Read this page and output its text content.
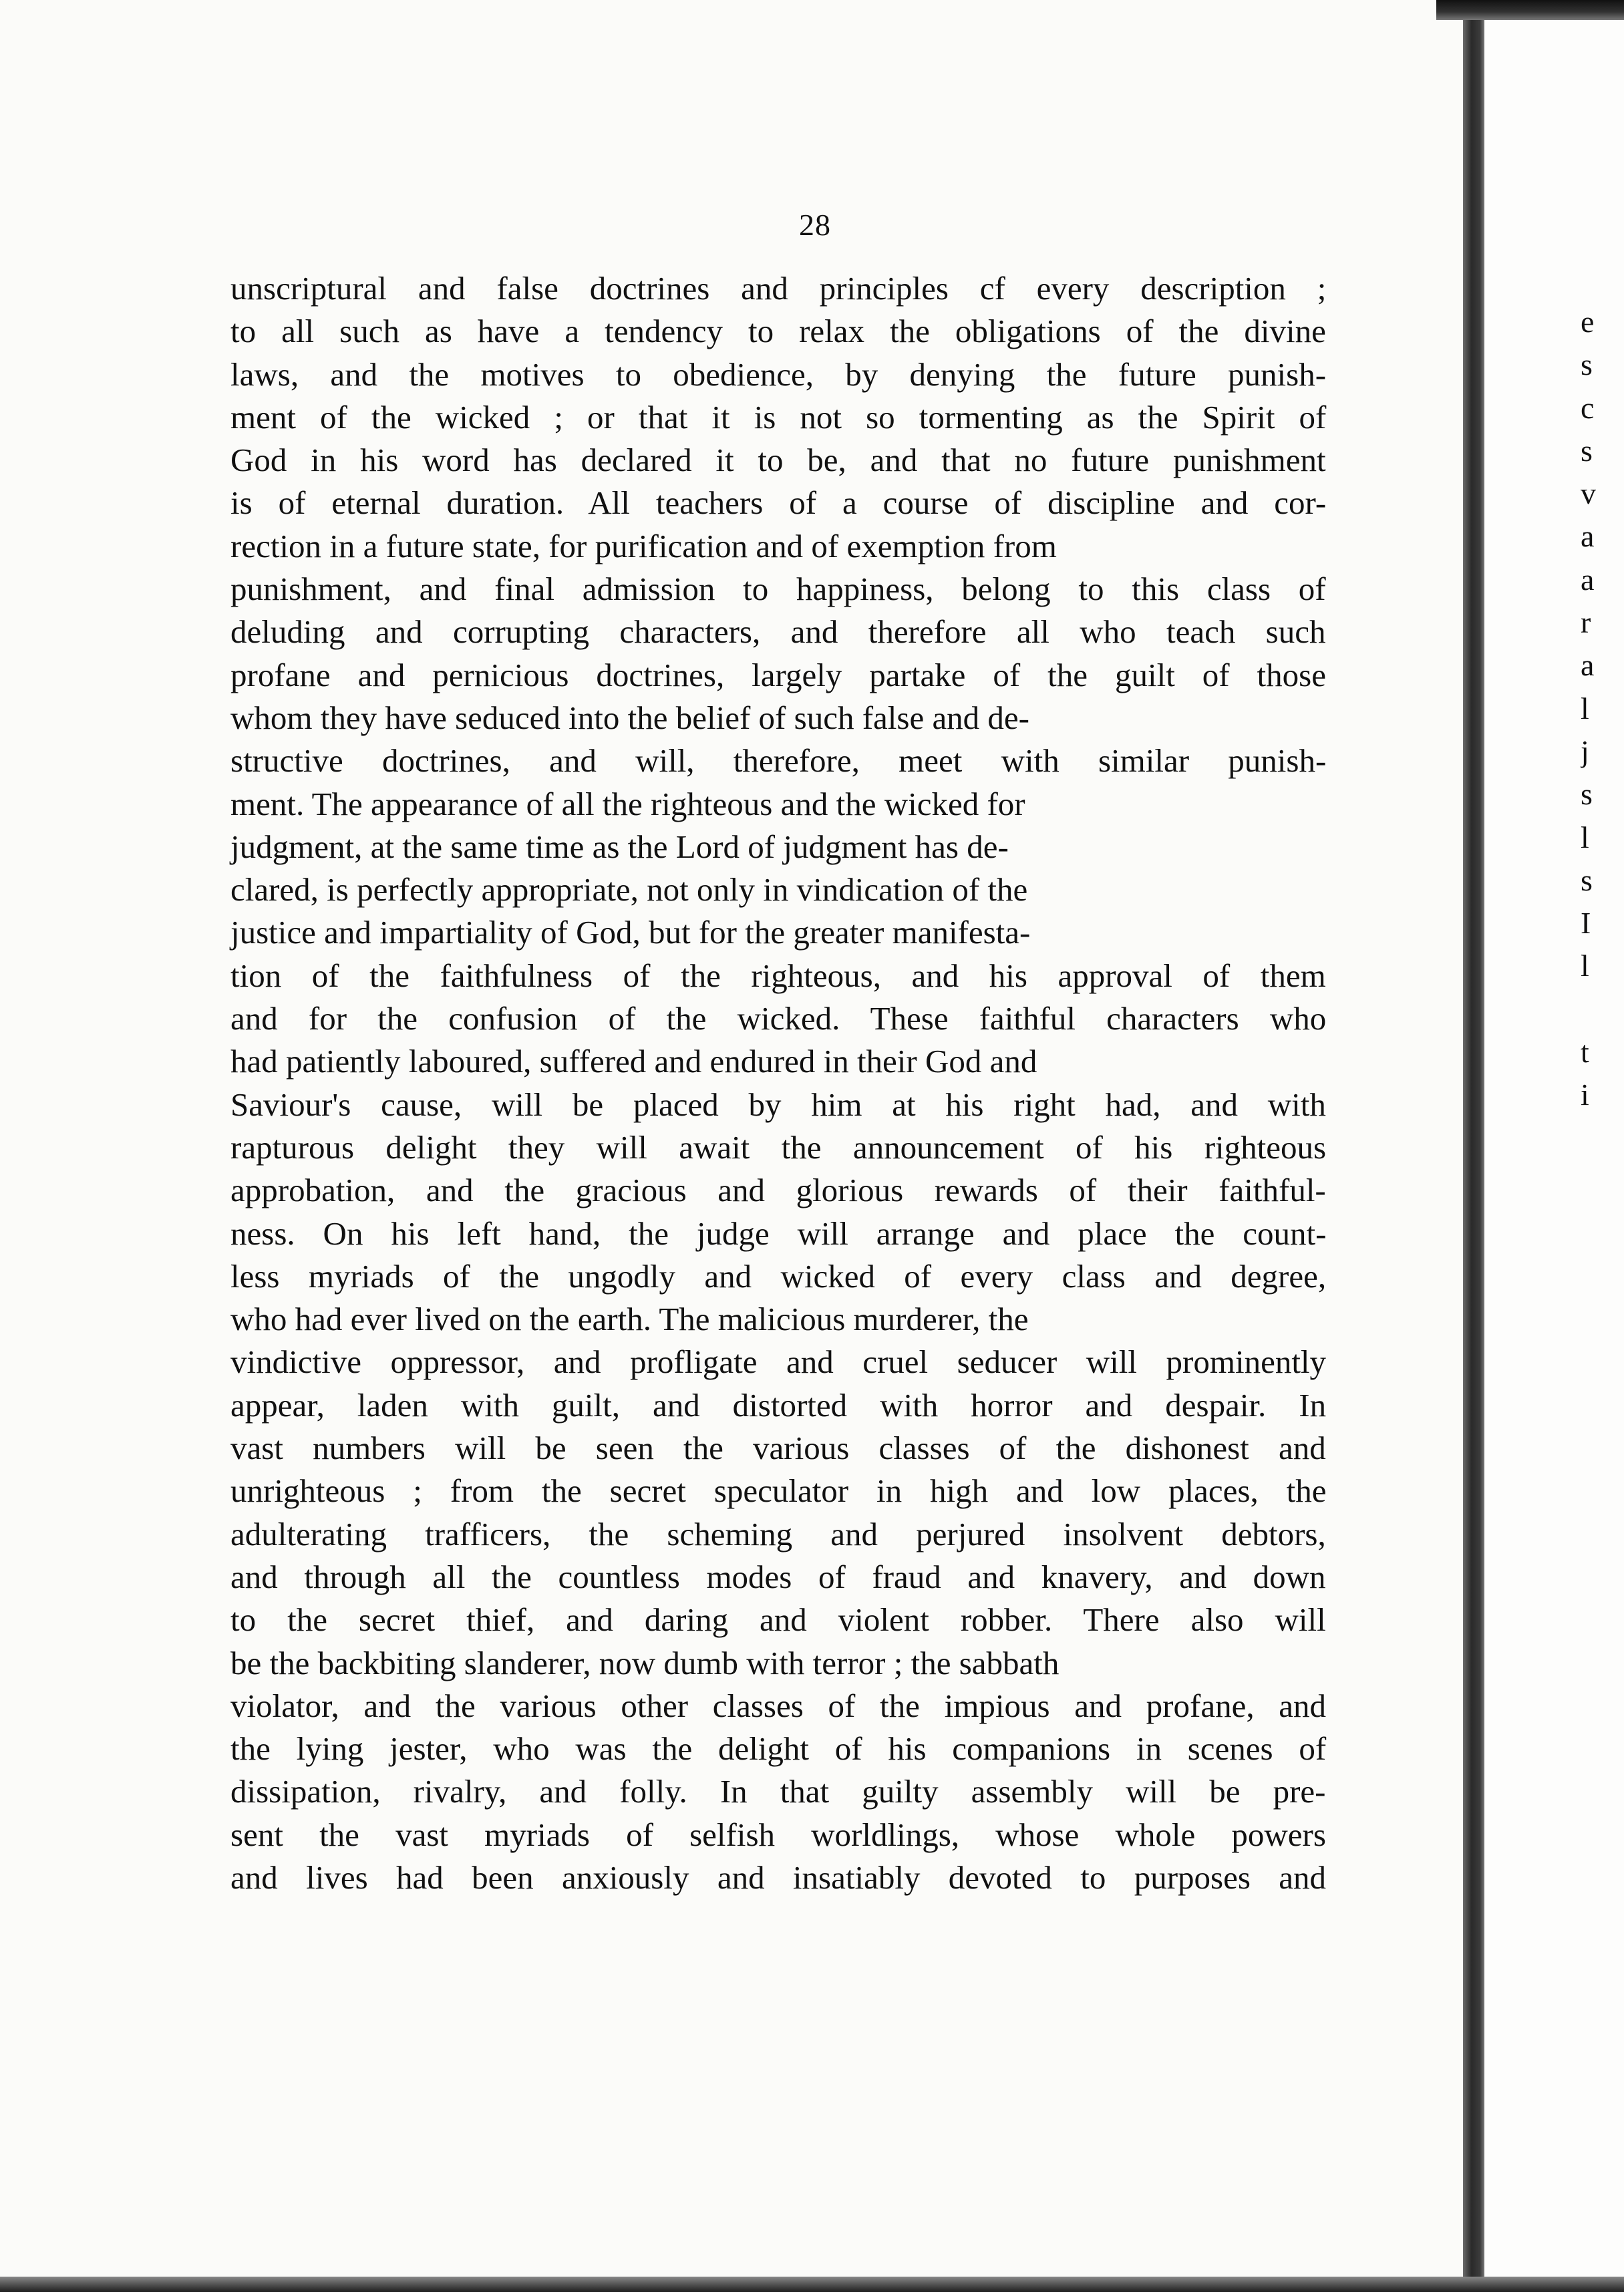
28
unscriptural and false doctrines and principles cf every description ;
to all such as have a tendency to relax the obligations of the divine
laws, and the motives to obedience, by denying the future punish-
ment of the wicked ; or that it is not so tormenting as the Spirit of
God in his word has declared it to be, and that no future punishment
is of eternal duration. All teachers of a course of discipline and cor-
rection in a future state, for purification and of exemption from
punishment, and final admission to happiness, belong to this class of
deluding and corrupting characters, and therefore all who teach such
profane and pernicious doctrines, largely partake of the guilt of those
whom they have seduced into the belief of such false and de-
structive doctrines, and will, therefore, meet with similar punish-
ment. The appearance of all the righteous and the wicked for
judgment, at the same time as the Lord of judgment has de-
clared, is perfectly appropriate, not only in vindication of the
justice and impartiality of God, but for the greater manifesta-
tion of the faithfulness of the righteous, and his approval of them
and for the confusion of the wicked. These faithful characters who
had patiently laboured, suffered and endured in their God and
Saviour's cause, will be placed by him at his right had, and with
rapturous delight they will await the announcement of his righteous
approbation, and the gracious and glorious rewards of their faithful-
ness. On his left hand, the judge will arrange and place the count-
less myriads of the ungodly and wicked of every class and degree,
who had ever lived on the earth. The malicious murderer, the
vindictive oppressor, and profligate and cruel seducer will prominently
appear, laden with guilt, and distorted with horror and despair. In
vast numbers will be seen the various classes of the dishonest and
unrighteous ; from the secret speculator in high and low places, the
adulterating trafficers, the scheming and perjured insolvent debtors,
and through all the countless modes of fraud and knavery, and down
to the secret thief, and daring and violent robber. There also will
be the backbiting slanderer, now dumb with terror ; the sabbath
violator, and the various other classes of the impious and profane, and
the lying jester, who was the delight of his companions in scenes of
dissipation, rivalry, and folly. In that guilty assembly will be pre-
sent the vast myriads of selfish worldlings, whose whole powers
and lives had been anxiously and insatiably devoted to purposes and
e
s
c
s
v
a
a
r
a
l
j
s
l
s
I
l
t
i
